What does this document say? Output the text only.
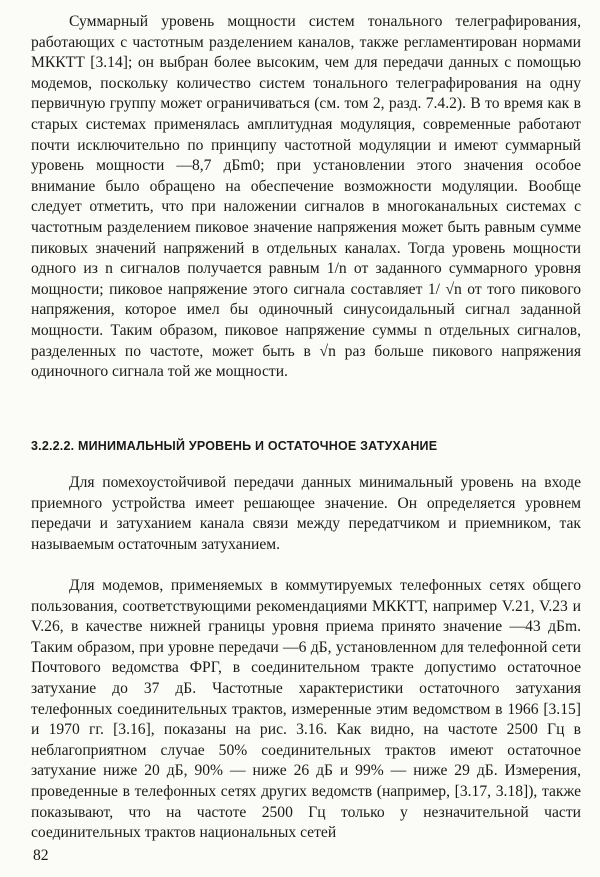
Суммарный уровень мощности систем тонального телеграфирования, работающих с частотным разделением каналов, также регламентирован нормами МККТТ [3.14]; он выбран более высоким, чем для передачи данных с помощью модемов, поскольку количество систем тонального телеграфирования на одну первичную группу может ограничиваться (см. том 2, разд. 7.4.2). В то время как в старых системах применялась амплитудная модуляция, современные работают почти исключительно по принципу частотной модуляции и имеют суммарный уровень мощности —8,7 дБm0; при установлении этого значения особое внимание было обращено на обеспечение возможности модуляции. Вообще следует отметить, что при наложении сигналов в многоканальных системах с частотным разделением пиковое значение напряжения может быть равным сумме пиковых значений напряжений в отдельных каналах. Тогда уровень мощности одного из n сигналов получается равным 1/n от заданного суммарного уровня мощности; пиковое напряжение этого сигнала составляет 1/ √n от того пикового напряжения, которое имел бы одиночный синусоидальный сигнал заданной мощности. Таким образом, пиковое напряжение суммы n отдельных сигналов, разделенных по частоте, может быть в √n раз больше пикового напряжения одиночного сигнала той же мощности.

3.2.2.2. МИНИМАЛЬНЫЙ УРОВЕНЬ И ОСТАТОЧНОЕ ЗАТУХАНИЕ

Для помехоустойчивой передачи данных минимальный уровень на входе приемного устройства имеет решающее значение. Он определяется уровнем передачи и затуханием канала связи между передатчиком и приемником, так называемым остаточным затуханием.

Для модемов, применяемых в коммутируемых телефонных сетях общего пользования, соответствующими рекомендациями МККТТ, например V.21, V.23 и V.26, в качестве нижней границы уровня приема принято значение —43 дБm. Таким образом, при уровне передачи —6 дБ, установленном для телефонной сети Почтового ведомства ФРГ, в соединительном тракте допустимо остаточное затухание до 37 дБ. Частотные характеристики остаточного затухания телефонных соединительных трактов, измеренные этим ведомством в 1966 [3.15] и 1970 гг. [3.16], показаны на рис. 3.16. Как видно, на частоте 2500 Гц в неблагоприятном случае 50% соединительных трактов имеют остаточное затухание ниже 20 дБ, 90% — ниже 26 дБ и 99% — ниже 29 дБ. Измерения, проведенные в телефонных сетях других ведомств (например, [3.17, 3.18]), также показывают, что на частоте 2500 Гц только у незначительной части соединительных трактов национальных сетей

82
